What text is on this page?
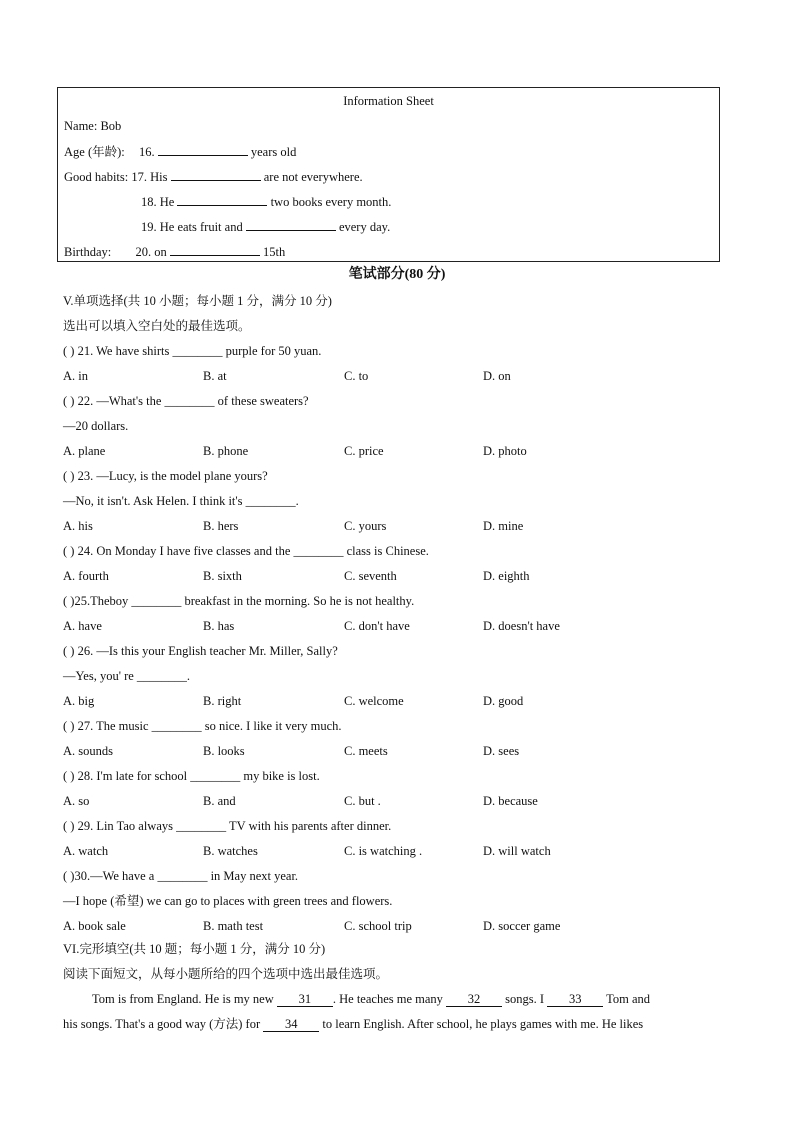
Information Sheet
Name: Bob
Age (年龄): 16.	years old
Good habits: 17. His	are not everywhere.
18. He	two books every month.
19. He eats fruit and	every day.
Birthday: 20. on	15th
笔试部分(80 分)
V.单项选择(共 10 小题；每小题 1 分，满分 10 分)
选出可以填入空白处的最佳选项。
( ) 21. We have shirts ________ purple for 50 yuan.
A. in	B. at	C. to	D. on
( ) 22. —What's the ________ of these sweaters?
—20 dollars.
A. plane	B. phone	C. price	D. photo
( ) 23. —Lucy, is the model plane yours?
—No, it isn't. Ask Helen. I think it's ________.
A. his	B. hers	C. yours	D. mine
( ) 24. On Monday I have five classes and the ________ class is Chinese.
A. fourth	B. sixth	C. seventh	D. eighth
( )25.Theboy ________ breakfast in the morning. So he is not healthy.
A. have	B. has	C. don't have	D. doesn't have
( ) 26. —Is this your English teacher Mr. Miller, Sally?
—Yes, you' re ________.
A. big	B. right	C. welcome	D. good
( ) 27. The music ________ so nice. I like it very much.
A. sounds	B. looks	C. meets	D. sees
( ) 28. I'm late for school ________ my bike is lost.
A. so	B. and	C. but .	D. because
( ) 29. Lin Tao always ________ TV with his parents after dinner.
A. watch	B. watches	C. is watching .	D. will watch
( )30.—We have a ________ in May next year.
—I hope (希望) we can go to places with green trees and flowers.
A. book sale	B. math test	C. school trip	D. soccer game
VI.完形填空(共 10 题；每小题 1 分，满分 10 分)
阅读下面短文，从每小题所给的四个选项中选出最佳选项。
Tom is from England. He is my new 31 . He teaches me many 32 songs. I 33 Tom and
his songs. That's a good way (方法) for 34 to learn English. After school, he plays games with me. He likes
